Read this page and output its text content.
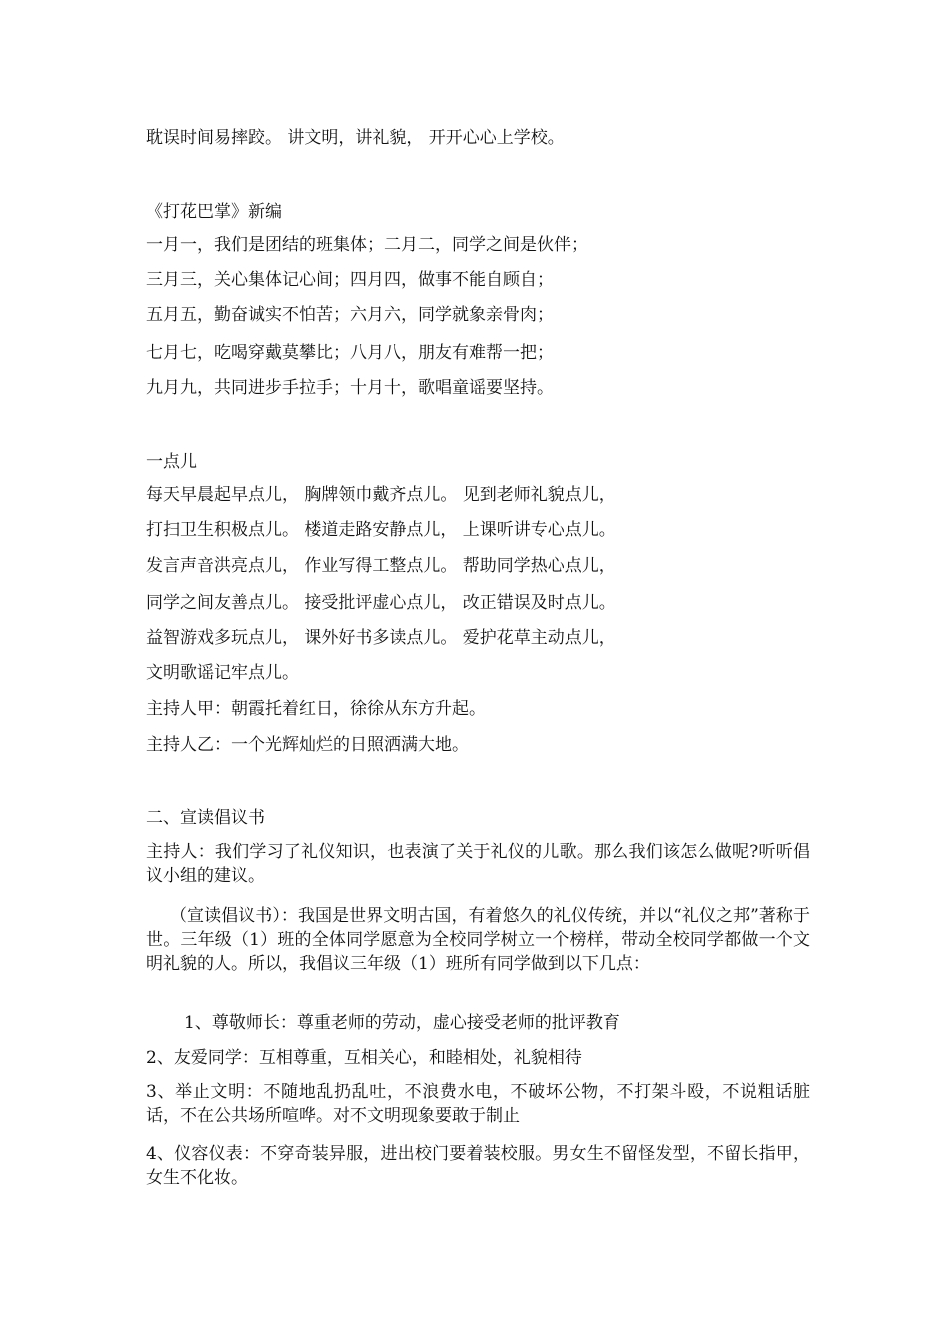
耽误时间易摔跤。 讲文明，讲礼貌， 开开心心上学校。
《打花巴掌》新编
一月一，我们是团结的班集体；二月二，同学之间是伙伴；
三月三，关心集体记心间；四月四，做事不能自顾自；
五月五，勤奋诚实不怕苦；六月六，同学就象亲骨肉；
七月七，吃喝穿戴莫攀比；八月八，朋友有难帮一把；
九月九，共同进步手拉手；十月十，歌唱童谣要坚持。
一点儿
每天早晨起早点儿， 胸牌领巾戴齐点儿。 见到老师礼貌点儿，
打扫卫生积极点儿。 楼道走路安静点儿， 上课听讲专心点儿。
发言声音洪亮点儿， 作业写得工整点儿。 帮助同学热心点儿，
同学之间友善点儿。 接受批评虚心点儿， 改正错误及时点儿。
益智游戏多玩点儿， 课外好书多读点儿。 爱护花草主动点儿，
文明歌谣记牢点儿。
主持人甲：朝霞托着红日，徐徐从东方升起。
主持人乙：一个光辉灿烂的日照洒满大地。
二、宣读倡议书
主持人：我们学习了礼仪知识，也表演了关于礼仪的儿歌。那么我们该怎么做呢?听听倡议小组的建议。
（宣读倡议书）：我国是世界文明古国，有着悠久的礼仪传统，并以“礼仪之邦”著称于世。三年级（1）班的全体同学愿意为全校同学树立一个榜样，带动全校同学都做一个文明礼貌的人。所以，我倡议三年级（1）班所有同学做到以下几点：
1、尊敬师长：尊重老师的劳动，虚心接受老师的批评教育
2、友爱同学：互相尊重，互相关心，和睦相处，礼貌相待
3、举止文明：不随地乱扔乱吐，不浪费水电，不破坏公物，不打架斗殴，不说粗话脏话，不在公共场所喧哗。对不文明现象要敢于制止
4、仪容仪表：不穿奇装异服，进出校门要着装校服。男女生不留怪发型，不留长指甲，女生不化妆。
